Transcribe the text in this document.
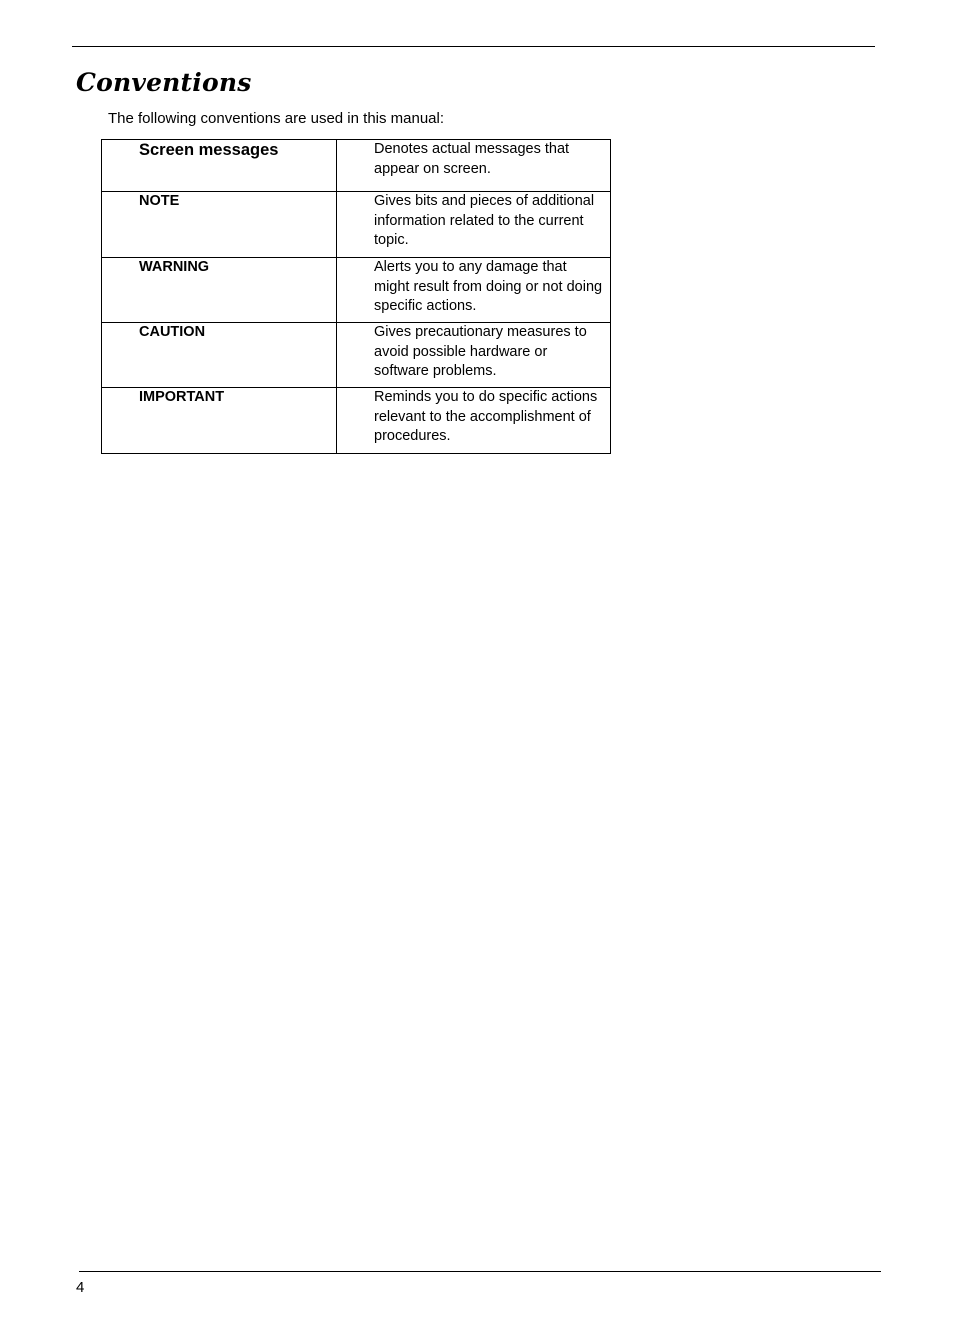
Conventions

The following conventions are used in this manual:

Screen messages	Denotes actual messages that appear on screen.
NOTE	Gives bits and pieces of additional information related to the current topic.
WARNING	Alerts you to any damage that might result from doing or not doing specific actions.
CAUTION	Gives precautionary measures to avoid possible hardware or software problems.
IMPORTANT	Reminds you to do specific actions relevant to the accomplishment of procedures.

4
